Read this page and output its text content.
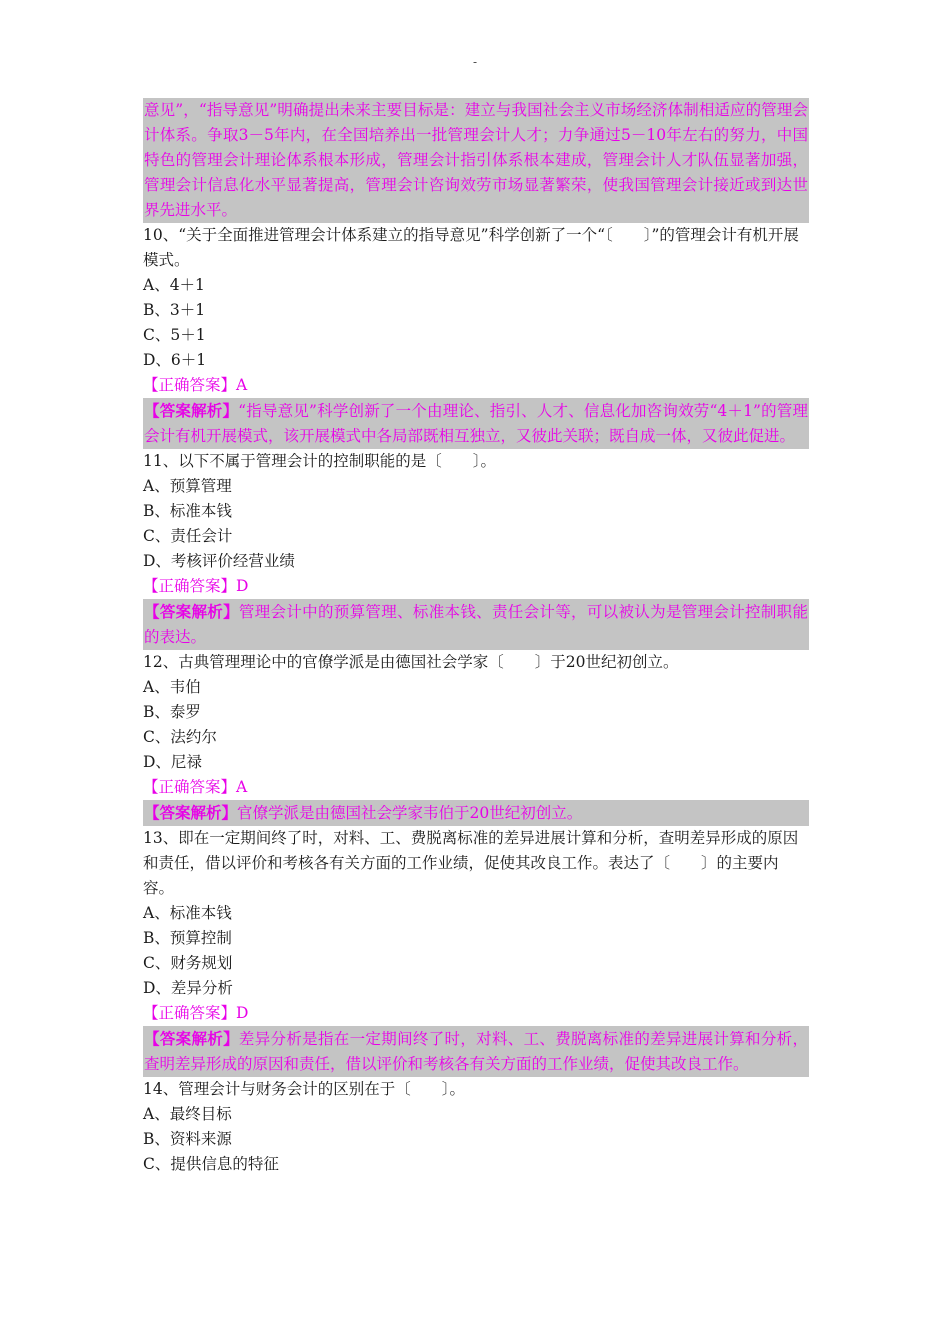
-
意见”，“指导意见”明确提出未来主要目标是：建立与我国社会主义市场经济体制相适应的管理会计体系。争取3－5年内，在全国培养出一批管理会计人才；力争通过5－10年左右的努力，中国特色的管理会计理论体系根本形成，管理会计指引体系根本建成，管理会计人才队伍显著加强，管理会计信息化水平显著提高，管理会计咨询效劳市场显著繁荣，使我国管理会计接近或到达世界先进水平。

10、“关于全面推进管理会计体系建立的指导意见”科学创新了一个“〔　　〕”的管理会计有机开展模式。

A、4＋1

B、3＋1

C、5＋1

D、6＋1

【正确答案】A

【答案解析】“指导意见”科学创新了一个由理论、指引、人才、信息化加咨询效劳“4＋1”的管理会计有机开展模式，该开展模式中各局部既相互独立，又彼此关联；既自成一体，又彼此促进。

11、以下不属于管理会计的控制职能的是〔　　〕。

A、预算管理

B、标准本钱

C、责任会计

D、考核评价经营业绩

【正确答案】D

【答案解析】管理会计中的预算管理、标准本钱、责任会计等，可以被认为是管理会计控制职能的表达。

12、古典管理理论中的官僚学派是由德国社会学家〔　　〕于20世纪初创立。

A、韦伯

B、泰罗

C、法约尔

D、尼禄

【正确答案】A

【答案解析】官僚学派是由德国社会学家韦伯于20世纪初创立。

13、即在一定期间终了时，对料、工、费脱离标准的差异进展计算和分析，查明差异形成的原因和责任，借以评价和考核各有关方面的工作业绩，促使其改良工作。表达了〔　　〕的主要内容。

A、标准本钱

B、预算控制

C、财务规划

D、差异分析

【正确答案】D

【答案解析】差异分析是指在一定期间终了时，对料、工、费脱离标准的差异进展计算和分析，查明差异形成的原因和责任，借以评价和考核各有关方面的工作业绩，促使其改良工作。

14、管理会计与财务会计的区别在于〔　　〕。

A、最终目标

B、资料来源

C、提供信息的特征
